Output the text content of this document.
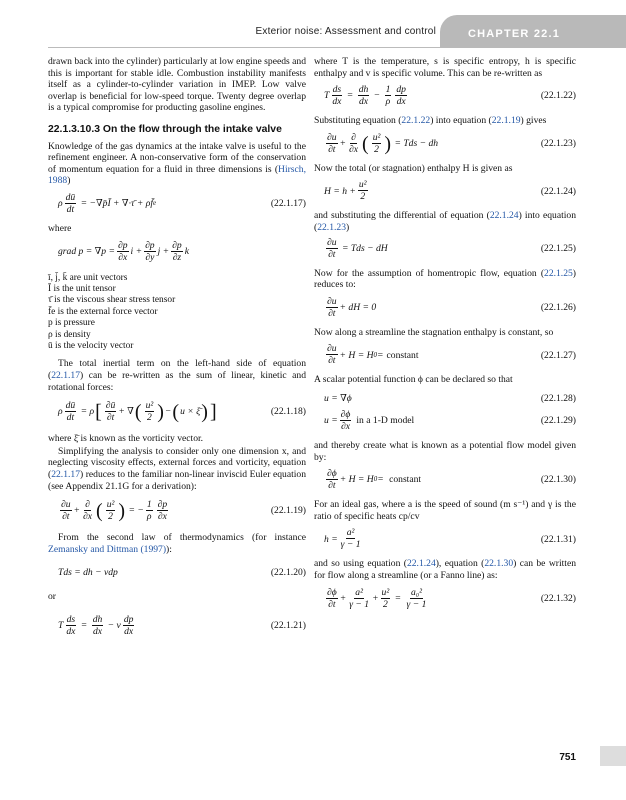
Exterior noise: Assessment and control	CHAPTER 22.1

drawn back into the cylinder) particularly at low engine speeds and this is important for stable idle. Combustion instability manifests itself as a cylinder-to-cylinder variation in IMEP. Low valve overlap is beneficial for low-speed torque. Twenty degree overlap is a typical compromise for producting gasoline engines.

22.1.3.10.3 On the flow through the intake valve

Knowledge of the gas dynamics at the intake valve is useful to the refinement engineer. A non-conservative form of the conservation of momentum equation for a fluid in three dimensions is (Hirsch, 1988)

ρ $\frac{dū}{dt}$ = −∇p̄Ī + ∇·τ̄ + ρf̄ e	(22.1.17)

where

grad $p = \nabla p = \frac{\partial p}{\partial x}$ $i + \frac{\partial p}{\partial y}$ $j + \frac{\partial p}{\partial z}$ k
ī, j̄, k̄ are unit vectors
Ī is the unit tensor
τ̄ is the viscous shear stress tensor
f̄e is the external force vector
p is pressure
ρ is density
ū is the velocity vector

The total inertial term on the left-hand side of equation (22.1.17) can be re-written as the sum of linear, kinetic and rotational forces:

ρ $\frac{dū}{dt} = \rho$ [ $\frac{\partial ū}{\partial t}$ + ∇ ( $\frac{\text{u²}}{2}$ ) − ( u × ξ̄ ) ]	(22.1.18)

where ξ̄ is known as the vorticity vector.

Simplifying the analysis to consider only one dimension x, and neglecting viscosity effects, external forces and vorticity, equation (22.1.17) reduces to the familiar non-linear inviscid Euler equation (see Appendix 21.1G for a derivation):

$\frac{\partial u}{\partial t} + \frac{\partial}{\partial x}$ ( $\frac{\text{u²}}{2}$ ) = − $\frac{1}{\rho} \frac{\partial p}{\partial x}$	(22.1.19)

From the second law of thermodynamics (for instance Zemansky and Dittman (1997)):

Tds = dh − vdp	(22.1.20)

or

T $\frac{ds}{dx} = \frac{dh}{dx} - v \frac{dp}{dx}$	(22.1.21)

where T is the temperature, s is specific entropy, h is specific enthalpy and v is specific volume. This can be re-written as

T $\frac{ds}{dx} = \frac{dh}{dx} - \frac{1}{\rho} \frac{dp}{dx}$	(22.1.22)

Substituting equation (22.1.22) into equation (22.1.19) gives

$\frac{\partial u}{\partial t} + \frac{\partial}{\partial x}$ ( $\frac{\text{u²}}{2}$ ) = Tds − dh	(22.1.23)

Now the total (or stagnation) enthalpy H is given as

$H = h + \frac{\text{u²}}{2}$	(22.1.24)

and substituting the differential of equation (22.1.24) into equation (22.1.23)

$\frac{\partial u}{\partial t}$ = Tds − dH	(22.1.25)

Now for the assumption of homentropic flow, equation (22.1.25) reduces to:

$\frac{\partial u}{\partial t}$ + dH = 0	(22.1.26)

Now along a streamline the stagnation enthalpy is constant, so

$\frac{\partial u}{\partial t} + H = H$ 0 = constant	(22.1.27)

A scalar potential function ϕ can be declared so that

u = ∇ϕ	(22.1.28)
$u = \frac{\partial\phi}{\partial x}$ in a 1-D model	(22.1.29)

and thereby create what is known as a potential flow model given by:

$\frac{\partial\phi}{\partial t} + H = H$ 0 = constant	(22.1.30)

For an ideal gas, where a is the speed of sound (m s⁻¹) and γ is the ratio of specific heats cp/cv

$h = \frac{\text{a²}}{\gamma - 1}$	(22.1.31)

and so using equation (22.1.24), equation (22.1.30) can be written for flow along a streamline (or a Fanno line) as:

$\frac{\partial\phi}{\partial t} + \frac{\text{a²}}{\gamma - 1} + \frac{\text{u²}}{2} = \frac{\text{a₀²}}{\gamma - 1}$	(22.1.32)
751
